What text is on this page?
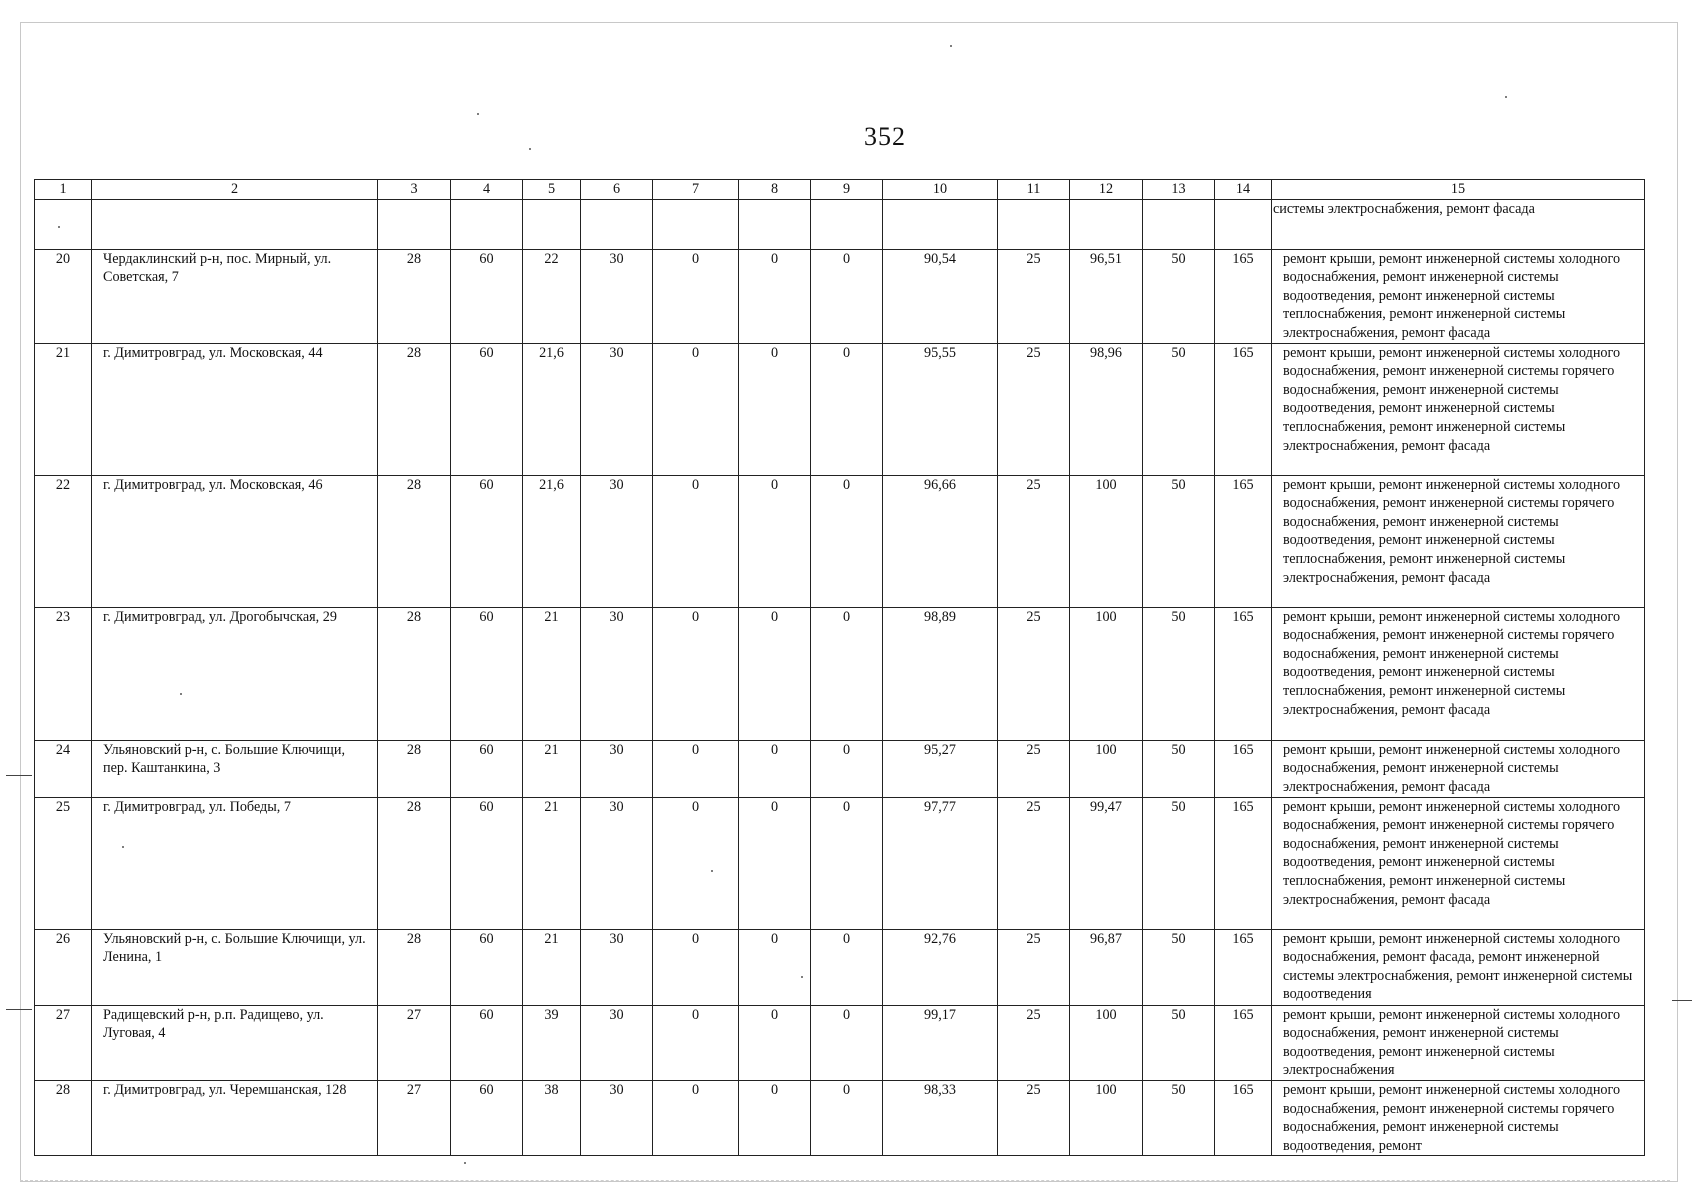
352
1	2	3	4	5	6	7	8	9	10	11	12	13	14	15
														системы электроснабжения, ремонт фасада
20	Чердаклинский р-н, пос. Мирный, ул. Советская, 7	28	60	22	30	0	0	0	90,54	25	96,51	50	165	ремонт крыши, ремонт инженерной системы холодного водоснабжения, ремонт инженерной системы водоотведения, ремонт инженерной системы теплоснабжения, ремонт инженерной системы электроснабжения, ремонт фасада
21	г. Димитровград, ул. Московская, 44	28	60	21,6	30	0	0	0	95,55	25	98,96	50	165	ремонт крыши, ремонт инженерной системы холодного водоснабжения, ремонт инженерной системы горячего водоснабжения, ремонт инженерной системы водоотведения, ремонт инженерной системы теплоснабжения, ремонт инженерной системы электроснабжения, ремонт фасада
22	г. Димитровград, ул. Московская, 46	28	60	21,6	30	0	0	0	96,66	25	100	50	165	ремонт крыши, ремонт инженерной системы холодного водоснабжения, ремонт инженерной системы горячего водоснабжения, ремонт инженерной системы водоотведения, ремонт инженерной системы теплоснабжения, ремонт инженерной системы электроснабжения, ремонт фасада
23	г. Димитровград, ул. Дрогобычская, 29	28	60	21	30	0	0	0	98,89	25	100	50	165	ремонт крыши, ремонт инженерной системы холодного водоснабжения, ремонт инженерной системы горячего водоснабжения, ремонт инженерной системы водоотведения, ремонт инженерной системы теплоснабжения, ремонт инженерной системы электроснабжения, ремонт фасада
24	Ульяновский р-н, с. Большие Ключищи, пер. Каштанкина, 3	28	60	21	30	0	0	0	95,27	25	100	50	165	ремонт крыши, ремонт инженерной системы холодного водоснабжения, ремонт инженерной системы электроснабжения, ремонт фасада
25	г. Димитровград, ул. Победы, 7	28	60	21	30	0	0	0	97,77	25	99,47	50	165	ремонт крыши, ремонт инженерной системы холодного водоснабжения, ремонт инженерной системы горячего водоснабжения, ремонт инженерной системы водоотведения, ремонт инженерной системы теплоснабжения, ремонт инженерной системы электроснабжения, ремонт фасада
26	Ульяновский р-н, с. Большие Ключищи, ул. Ленина, 1	28	60	21	30	0	0	0	92,76	25	96,87	50	165	ремонт крыши, ремонт инженерной системы холодного водоснабжения, ремонт фасада, ремонт инженерной системы электроснабжения, ремонт инженерной системы водоотведения
27	Радищевский р-н, р.п. Радищево, ул. Луговая, 4	27	60	39	30	0	0	0	99,17	25	100	50	165	ремонт крыши, ремонт инженерной системы холодного водоснабжения, ремонт инженерной системы водоотведения, ремонт инженерной системы электроснабжения
28	г. Димитровград, ул. Черемшанская, 128	27	60	38	30	0	0	0	98,33	25	100	50	165	ремонт крыши, ремонт инженерной системы холодного водоснабжения, ремонт инженерной системы горячего водоснабжения, ремонт инженерной системы водоотведения, ремонт
